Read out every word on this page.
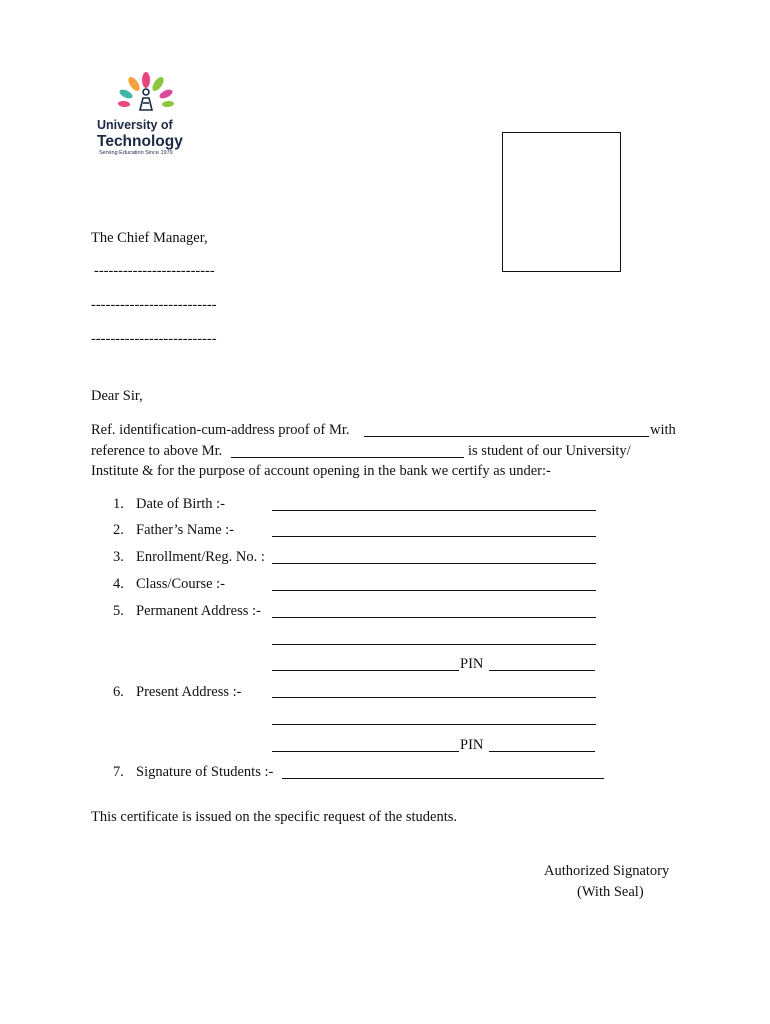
University of
Technology
Serving Education Since 1979
The Chief Manager,
-------------------------
--------------------------
--------------------------
Dear Sir,
Ref. identification-cum-address proof of Mr.	with
reference to above Mr.	is student of our University/
Institute & for the purpose of account opening in the bank we certify as under:-
1. Date of Birth :-
2. Father’s Name :-
3. Enrollment/Reg. No. :
4. Class/Course :-
5. Permanent Address :-
PIN
6. Present Address :-
PIN
7. Signature of Students :-
This certificate is issued on the specific request of the students.
Authorized Signatory
(With Seal)
